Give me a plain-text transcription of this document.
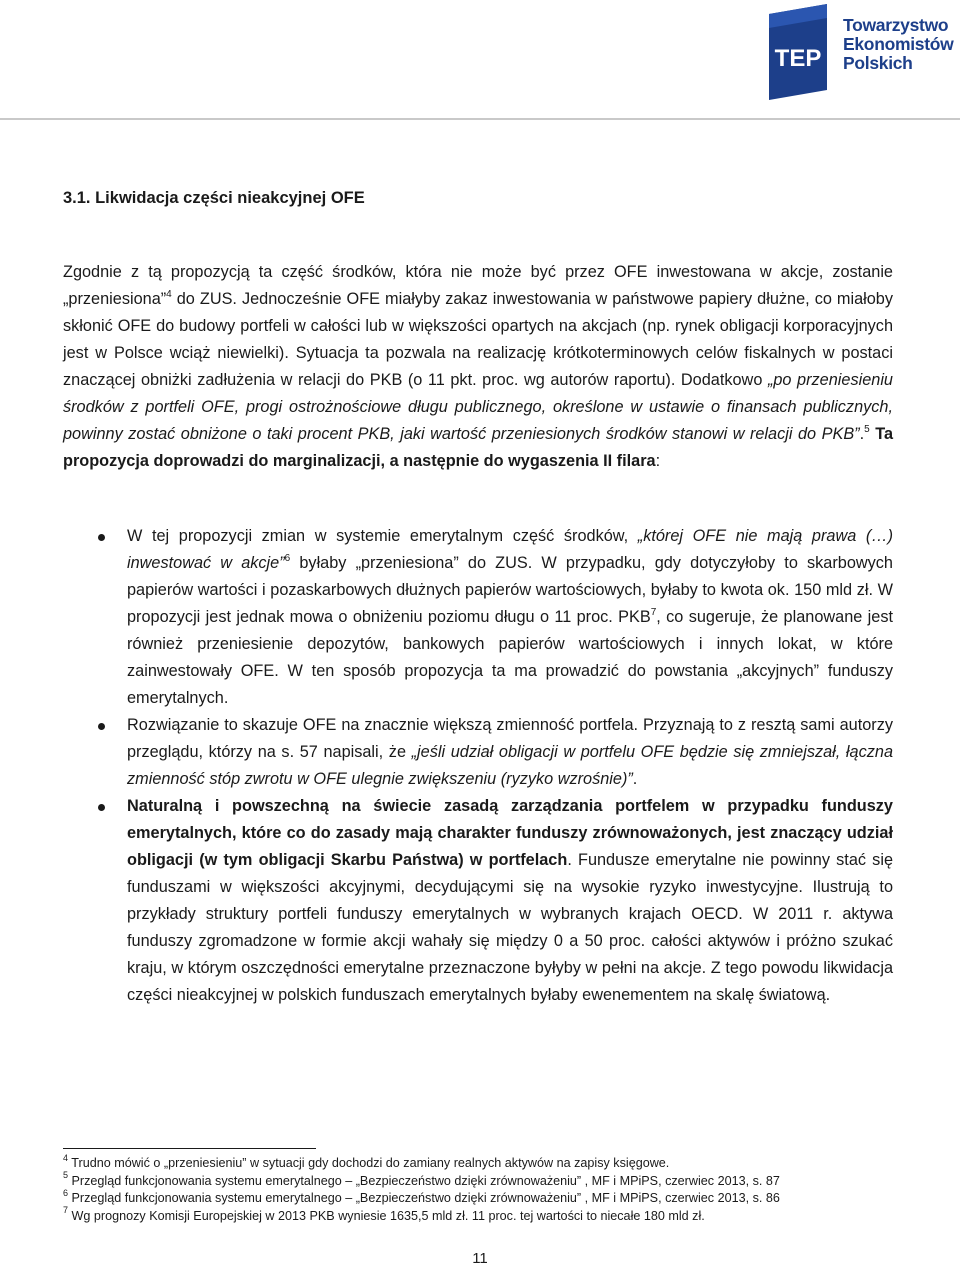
TEP
Towarzystwo
Ekonomistów
Polskich
3.1. Likwidacja części nieakcyjnej OFE

Zgodnie z tą propozycją ta część środków, która nie może być przez OFE inwestowana w akcje, zostanie „przeniesiona”$^4$ do ZUS. Jednocześnie OFE miałyby zakaz inwestowania w państwowe papiery dłużne, co miałoby skłonić OFE do budowy portfeli w całości lub w większości opartych na akcjach (np. rynek obligacji korporacyjnych jest w Polsce wciąż niewielki). Sytuacja ta pozwala na realizację krótkoterminowych celów fiskalnych w postaci znaczącej obniżki zadłużenia w relacji do PKB (o 11 pkt. proc. wg autorów raportu). Dodatkowo „po przeniesieniu środków z portfeli OFE, progi ostrożnościowe długu publicznego, określone w ustawie o finansach publicznych, powinny zostać obniżone o taki procent PKB, jaki wartość przeniesionych środków stanowi w relacji do PKB”.$^5$ Ta propozycja doprowadzi do marginalizacji, a następnie do wygaszenia II filara:

W tej propozycji zmian w systemie emerytalnym część środków, „której OFE nie mają prawa (…) inwestować w akcje”$^6$ byłaby „przeniesiona” do ZUS. W przypadku, gdy dotyczyłoby to skarbowych papierów wartości i pozaskarbowych dłużnych papierów wartościowych, byłaby to kwota ok. 150 mld zł. W propozycji jest jednak mowa o obniżeniu poziomu długu o 11 proc. PKB$^7$, co sugeruje, że planowane jest również przeniesienie depozytów, bankowych papierów wartościowych i innych lokat, w które zainwestowały OFE. W ten sposób propozycja ta ma prowadzić do powstania „akcyjnych” funduszy emerytalnych.
Rozwiązanie to skazuje OFE na znacznie większą zmienność portfela. Przyznają to z resztą sami autorzy przeglądu, którzy na s. 57 napisali, że „jeśli udział obligacji w portfelu OFE będzie się zmniejszał, łączna zmienność stóp zwrotu w OFE ulegnie zwiększeniu (ryzyko wzrośnie)”.
Naturalną i powszechną na świecie zasadą zarządzania portfelem w przypadku funduszy emerytalnych, które co do zasady mają charakter funduszy zrównoważonych, jest znaczący udział obligacji (w tym obligacji Skarbu Państwa) w portfelach. Fundusze emerytalne nie powinny stać się funduszami w większości akcyjnymi, decydującymi się na wysokie ryzyko inwestycyjne. Ilustrują to przykłady struktury portfeli funduszy emerytalnych w wybranych krajach OECD. W 2011 r. aktywa funduszy zgromadzone w formie akcji wahały się między 0 a 50 proc. całości aktywów i próżno szukać kraju, w którym oszczędności emerytalne przeznaczone byłyby w pełni na akcje. Z tego powodu likwidacja części nieakcyjnej w polskich funduszach emerytalnych byłaby ewenementem na skalę światową.
$^4$ Trudno mówić o „przeniesieniu” w sytuacji gdy dochodzi do zamiany realnych aktywów na zapisy księgowe.
$^5$ Przegląd funkcjonowania systemu emerytalnego – „Bezpieczeństwo dzięki zrównoważeniu” , MF i MPiPS, czerwiec 2013, s. 87
$^6$ Przegląd funkcjonowania systemu emerytalnego – „Bezpieczeństwo dzięki zrównoważeniu” , MF i MPiPS, czerwiec 2013, s. 86
$^7$ Wg prognozy Komisji Europejskiej w 2013 PKB wyniesie 1635,5 mld zł. 11 proc. tej wartości to niecałe 180 mld zł.
11
